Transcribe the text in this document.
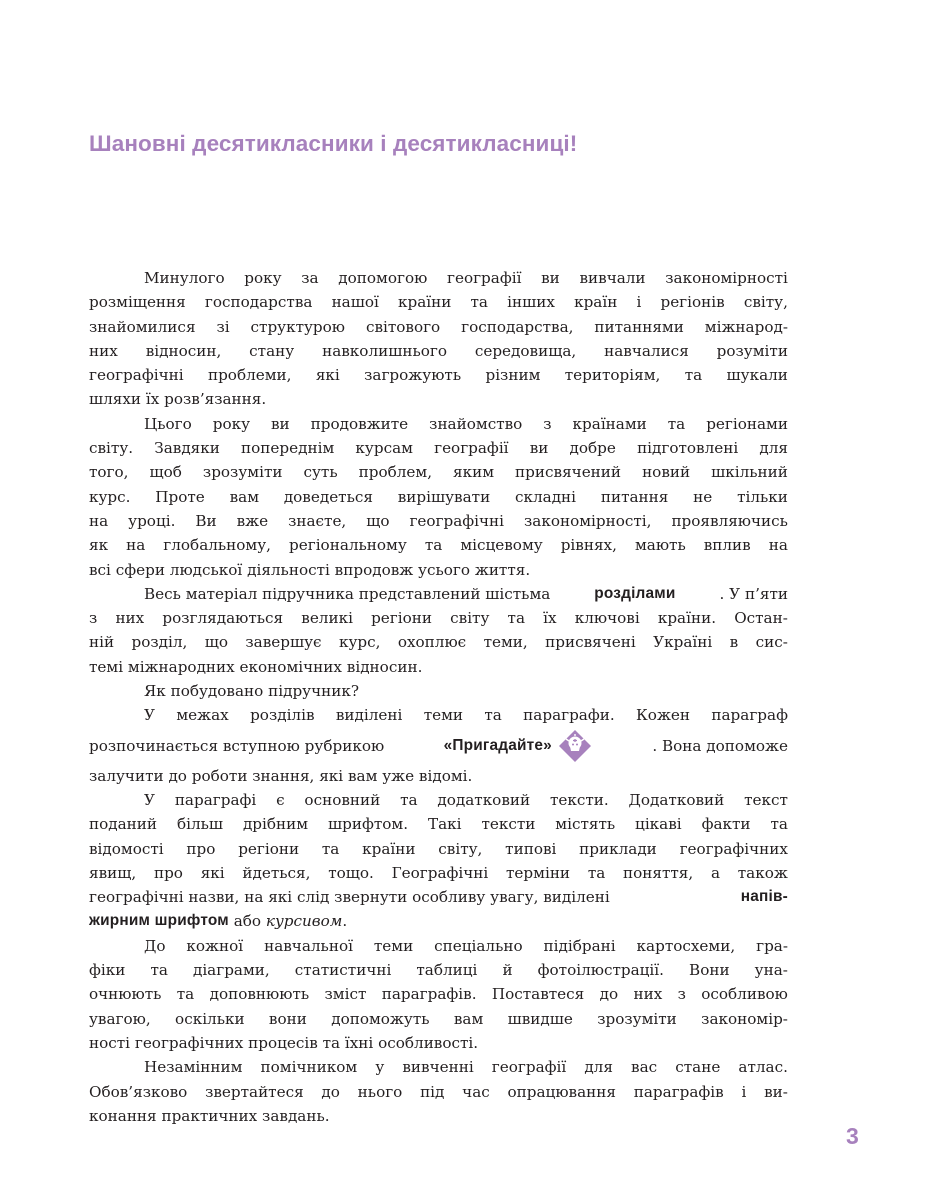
Шановні десятикласники і десятикласниці!
Минулого року за допомогою географії ви вивчали закономірності
розміщення господарства нашої країни та інших країн і регіонів світу,
знайомилися зі структурою світового господарства, питаннями міжнарод-
них відносин, стану навколишнього середовища, навчалися розуміти
географічні проблеми, які загрожують різним територіям, та шукали
шляхи їх розв’язання.
Цього року ви продовжите знайомство з країнами та регіонами
світу. Завдяки попереднім курсам географії ви добре підготовлені для
того, щоб зрозуміти суть проблем, яким присвячений новий шкільний
курс. Проте вам доведеться вирішувати складні питання не тільки
на уроці. Ви вже знаєте, що географічні закономірності, проявляючись
як на глобальному, регіональному та місцевому рівнях, мають вплив на
всі сфери людської діяльності впродовж усього життя.
Весь матеріал підручника представлений шістьма	розділами	. У п’яти
з них розглядаються великі регіони світу та їх ключові країни. Остан-
ній розділ, що завершує курс, охоплює теми, присвячені Україні в сис-
темі міжнародних економічних відносин.
Як побудовано підручник?
У межах розділів виділені теми та параграфи. Кожен параграф
розпочинається вступною рубрикою	«Пригадайте»	. Вона допоможе
залучити до роботи знання, які вам уже відомі.
У параграфі є основний та додатковий тексти. Додатковий текст
поданий більш дрібним шрифтом. Такі тексти містять цікаві факти та
відомості про регіони та країни світу, типові приклади географічних
явищ, про які йдеться, тощо. Географічні терміни та поняття, а також
географічні назви, на які слід звернути особливу увагу, виділені	напів-
жирним шрифтом
або
курсивом .
До кожної навчальної теми спеціально підібрані картосхеми, гра-
фіки та діаграми, статистичні таблиці й фотоілюстрації. Вони уна-
очнюють та доповнюють зміст параграфів. Поставтеся до них з особливою
увагою, оскільки вони допоможуть вам швидше зрозуміти закономір-
ності географічних процесів та їхні особливості.
Незамінним помічником у вивченні географії для вас стане атлас.
Обов’язково звертайтеся до нього під час опрацювання параграфів і ви-
конання практичних завдань.
3
